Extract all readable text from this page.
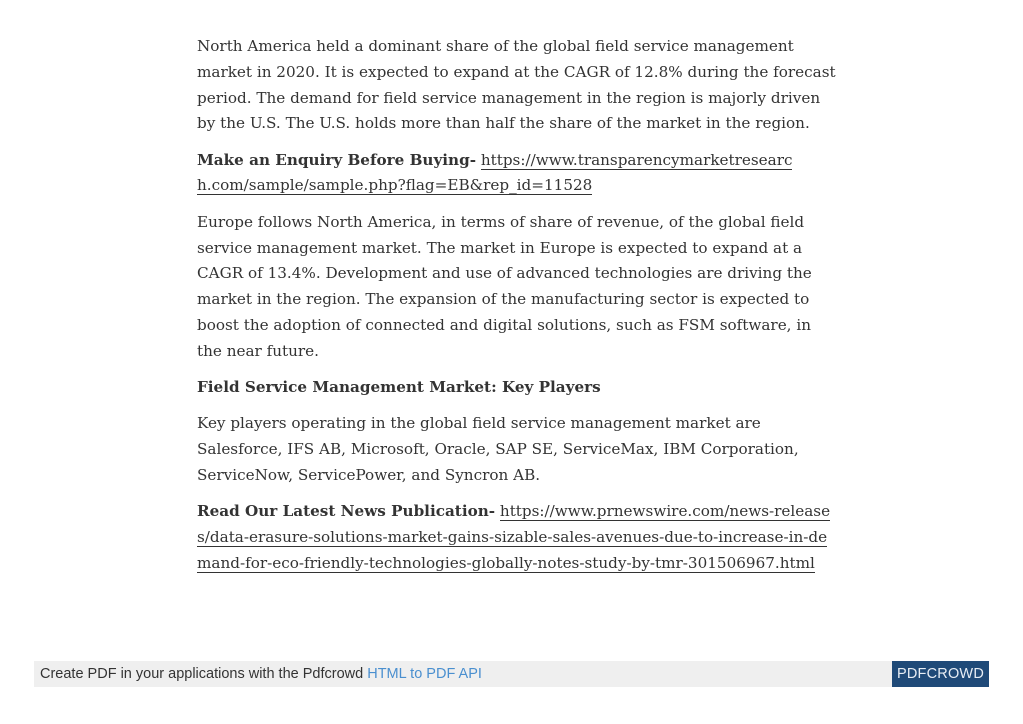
North America held a dominant share of the global field service management market in 2020. It is expected to expand at the CAGR of 12.8% during the forecast period. The demand for field service management in the region is majorly driven by the U.S. The U.S. holds more than half the share of the market in the region.

Make an Enquiry Before Buying- https://www.transparencymarketresearch.com/sample/sample.php?flag=EB&rep_id=11528

Europe follows North America, in terms of share of revenue, of the global field service management market. The market in Europe is expected to expand at a CAGR of 13.4%. Development and use of advanced technologies are driving the market in the region. The expansion of the manufacturing sector is expected to boost the adoption of connected and digital solutions, such as FSM software, in the near future.

Field Service Management Market: Key Players

Key players operating in the global field service management market are Salesforce, IFS AB, Microsoft, Oracle, SAP SE, ServiceMax, IBM Corporation, ServiceNow, ServicePower, and Syncron AB.

Read Our Latest News Publication- https://www.prnewswire.com/news-releases/data-erasure-solutions-market-gains-sizable-sales-avenues-due-to-increase-in-demand-for-eco-friendly-technologies-globally-notes-study-by-tmr-301506967.html

Create PDF in your applications with the Pdfcrowd HTML to PDF API	PDFCROWD
